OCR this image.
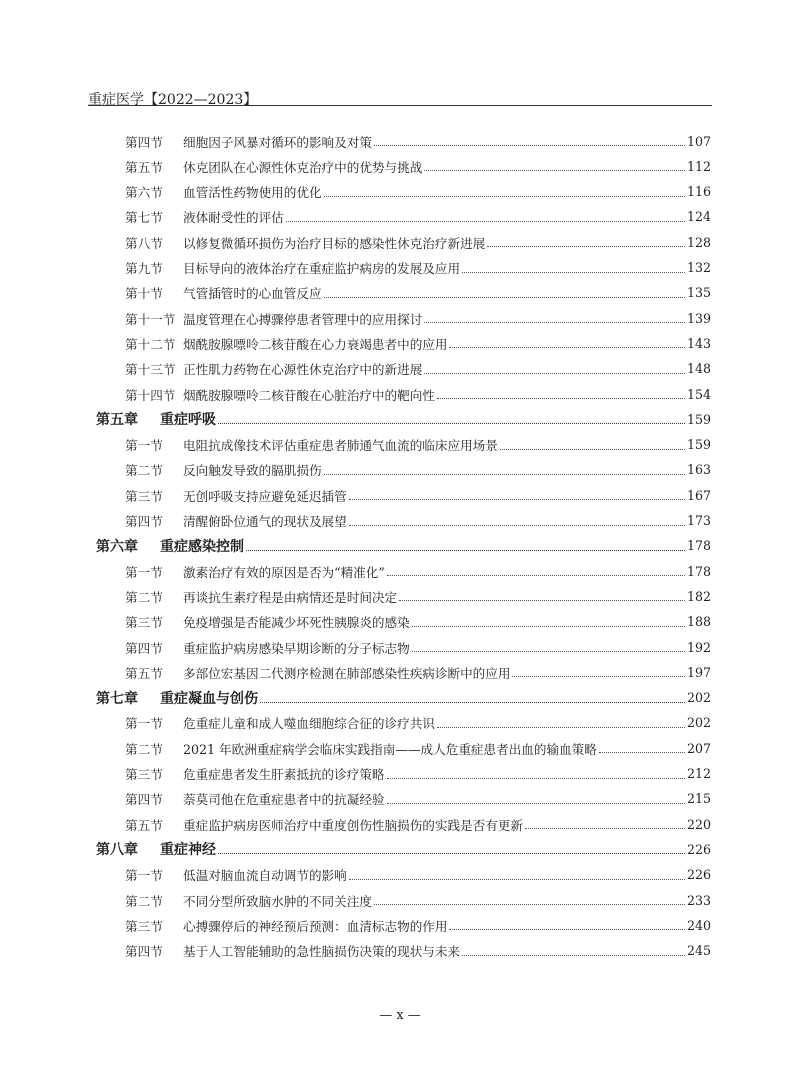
重症医学【2022—2023】
第四节	细胞因子风暴对循环的影响及对策	107
第五节	休克团队在心源性休克治疗中的优势与挑战	112
第六节	血管活性药物使用的优化	116
第七节	液体耐受性的评估	124
第八节	以修复微循环损伤为治疗目标的感染性休克治疗新进展	128
第九节	目标导向的液体治疗在重症监护病房的发展及应用	132
第十节	气管插管时的心血管反应	135
第十一节 温度管理在心搏骤停患者管理中的应用探讨	139
第十二节 烟酰胺腺嘌呤二核苷酸在心力衰竭患者中的应用	143
第十三节 正性肌力药物在心源性休克治疗中的新进展	148
第十四节 烟酰胺腺嘌呤二核苷酸在心脏治疗中的靶向性	154
第五章	重症呼吸	159
第一节	电阻抗成像技术评估重症患者肺通气血流的临床应用场景	159
第二节	反向触发导致的膈肌损伤	163
第三节	无创呼吸支持应避免延迟插管	167
第四节	清醒俯卧位通气的现状及展望	173
第六章	重症感染控制	178
第一节	激素治疗有效的原因是否为“精准化”	178
第二节	再谈抗生素疗程是由病情还是时间决定	182
第三节	免疫增强是否能减少坏死性胰腺炎的感染	188
第四节	重症监护病房感染早期诊断的分子标志物	192
第五节	多部位宏基因二代测序检测在肺部感染性疾病诊断中的应用	197
第七章	重症凝血与创伤	202
第一节	危重症儿童和成人噬血细胞综合征的诊疗共识	202
第二节	2021 年欧洲重症病学会临床实践指南——成人危重症患者出血的输血策略	207
第三节	危重症患者发生肝素抵抗的诊疗策略	212
第四节	萘莫司他在危重症患者中的抗凝经验	215
第五节	重症监护病房医师治疗中重度创伤性脑损伤的实践是否有更新	220
第八章	重症神经	226
第一节	低温对脑血流自动调节的影响	226
第二节	不同分型所致脑水肿的不同关注度	233
第三节	心搏骤停后的神经预后预测：血清标志物的作用	240
第四节	基于人工智能辅助的急性脑损伤决策的现状与未来	245
— x —
